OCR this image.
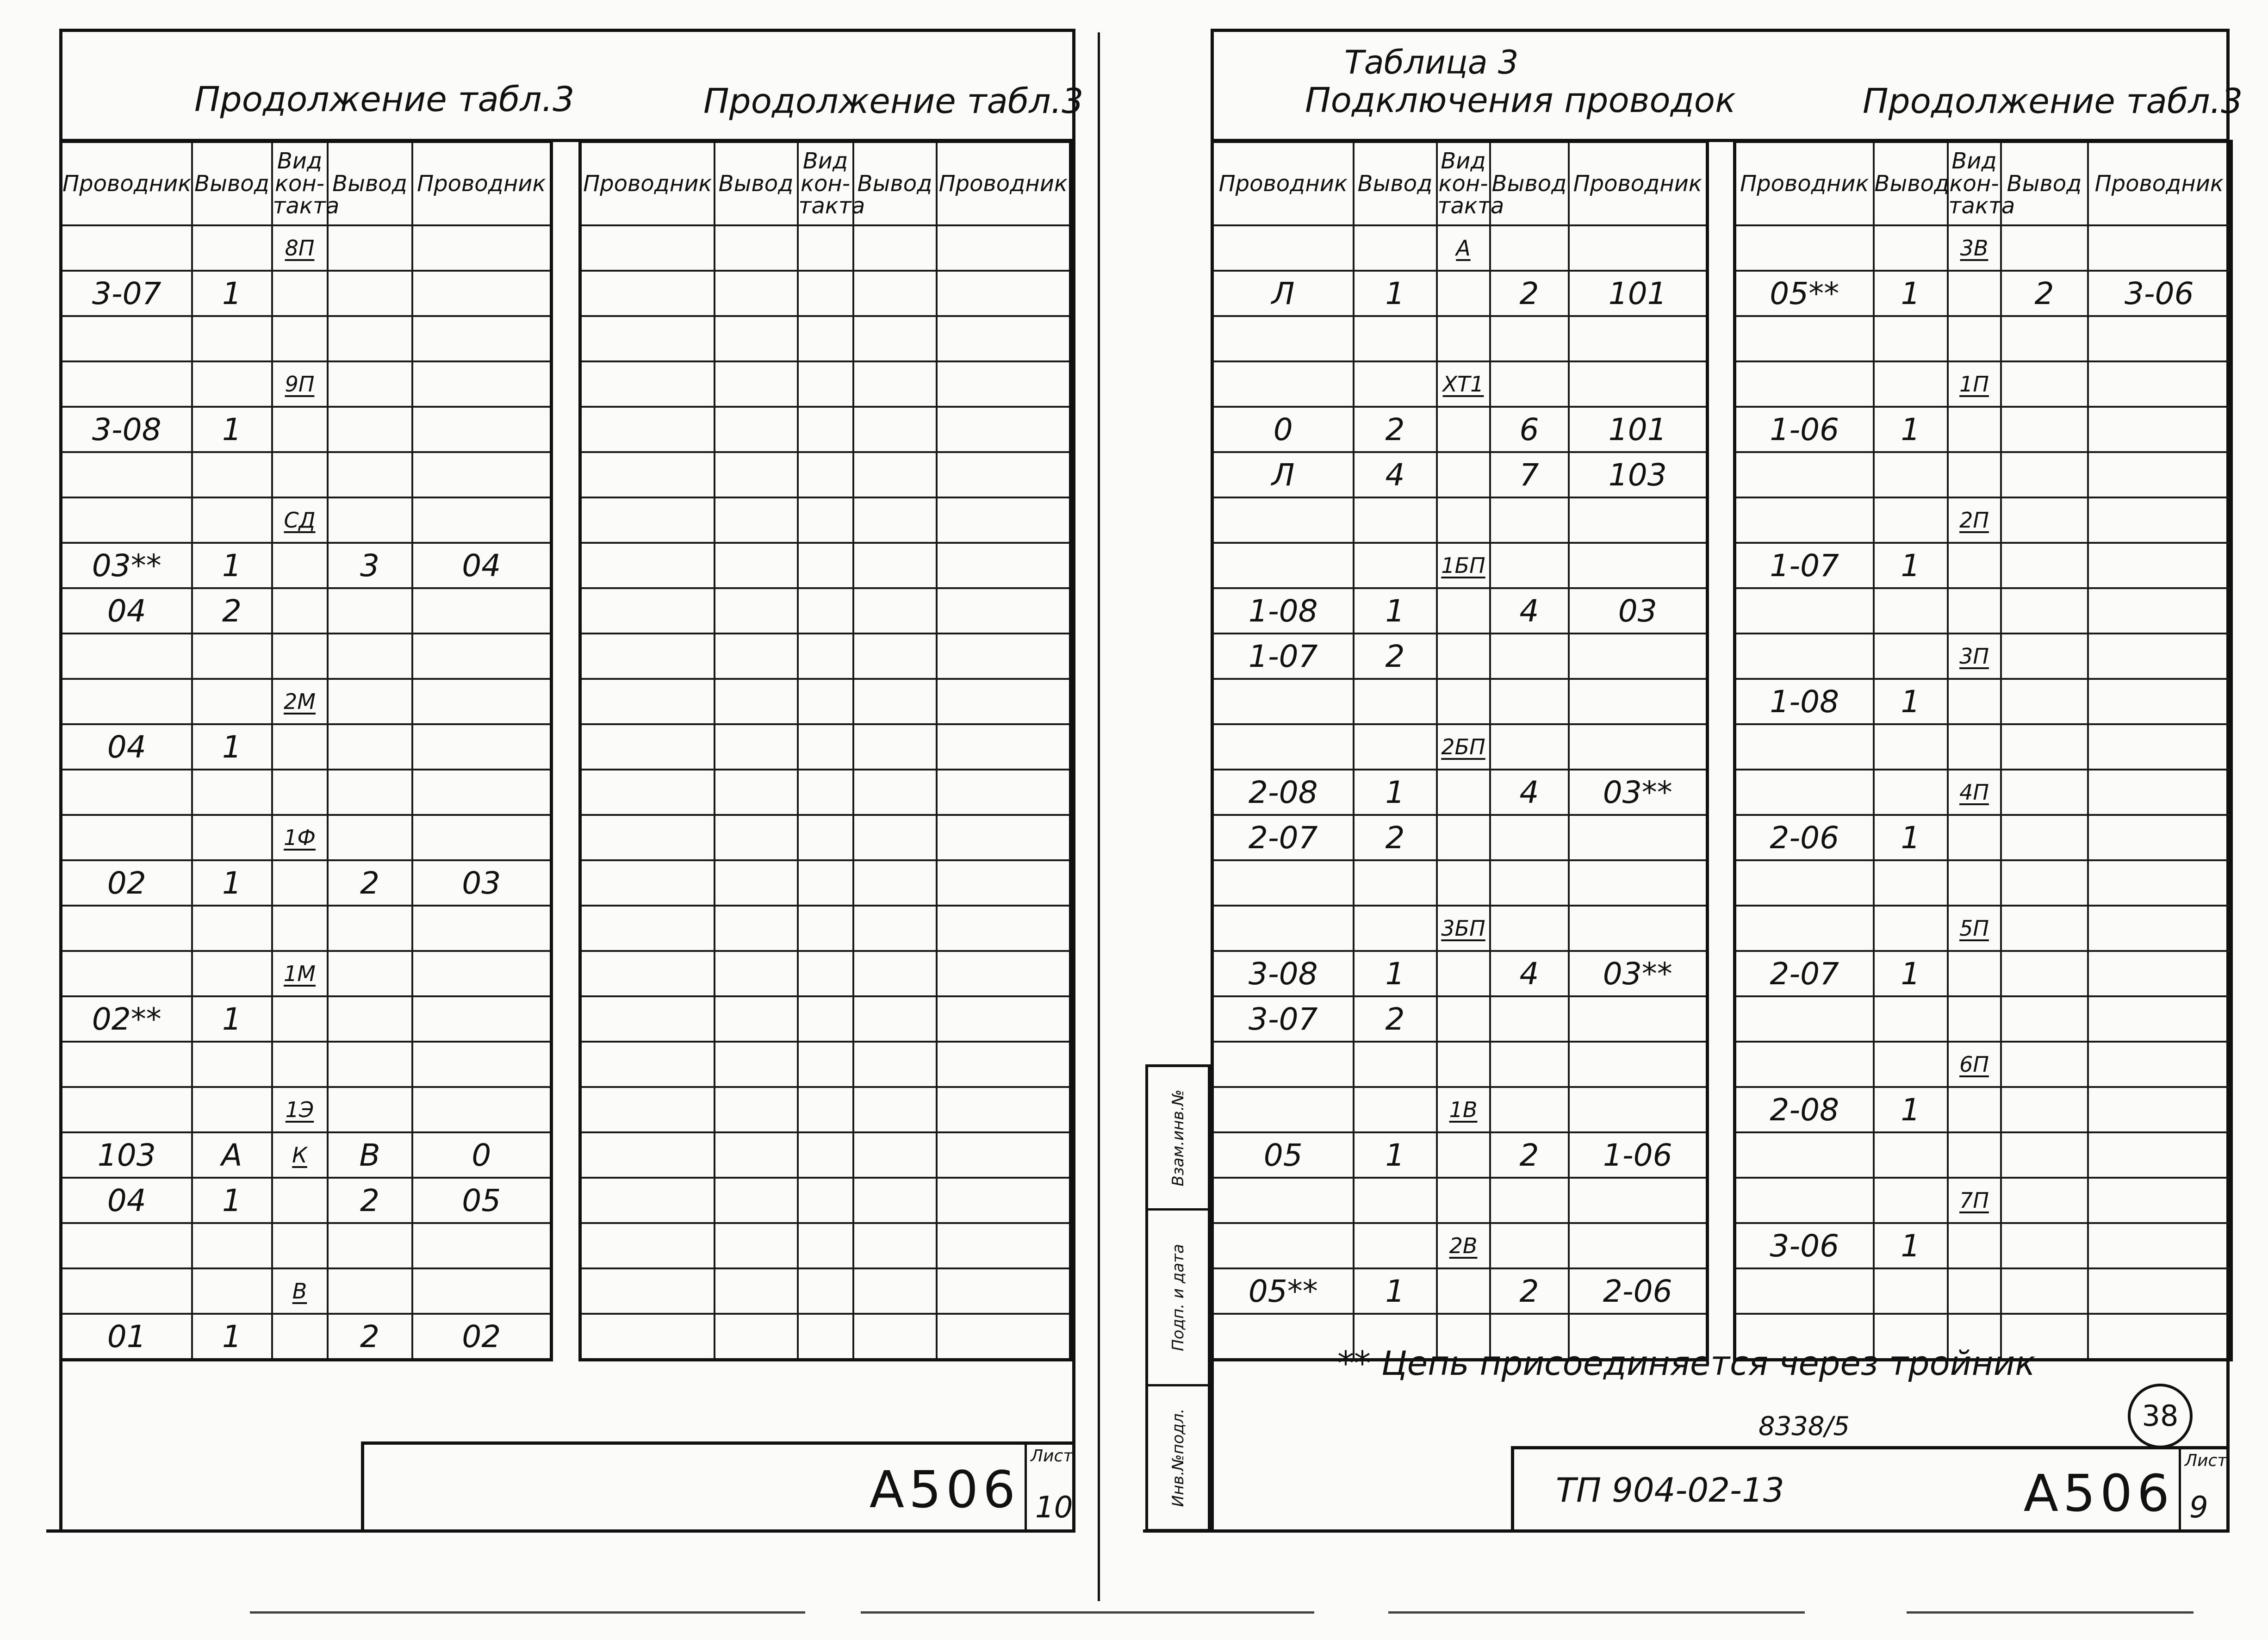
Продолжение табл.3	Продолжение табл.3
Проводник	Вывод	Вид кон- такта	Вывод	Проводник
		8П		
3-07	1			

		9П		
3-08	1			

		СД		
03**	1		3	04
04	2			

		2М		
04	1			

		1Ф		
02	1		2	03

		1М		
02**	1			

		1Э		
103	А	К	В	0
04	1		2	05

		В		
01	1		2	02
Проводник	Вывод	Вид кон- такта	Вывод	Проводник

А506
Лист
10
Таблица 3
Подключения проводок	Продолжение табл.3
Проводник	Вывод	Вид кон- такта	Вывод	Проводник
		А		
Л	1		2	101

		ХТ1		
0	2		6	101
Л	4		7	103

		1БП		
1-08	1		4	03
1-07	2			

		2БП		
2-08	1		4	03**
2-07	2			

		3БП		
3-08	1		4	03**
3-07	2			

		1В		
05	1		2	1-06

		2В		
05**	1		2	2-06

Проводник	Вывод	Вид кон- такта	Вывод	Проводник
		3В		
05**	1		2	3-06

		1П		
1-06	1			

		2П		
1-07	1			

		3П		
1-08	1			

		4П		
2-06	1			

		5П		
2-07	1			

		6П		
2-08	1			

		7П		
3-06	1			

** Цепь присоединяется через тройник
38
8338/5
Взам.инв.№
Подп. и дата
Инв.№подл.	ТП 904-02-13	А506
Лист
9
